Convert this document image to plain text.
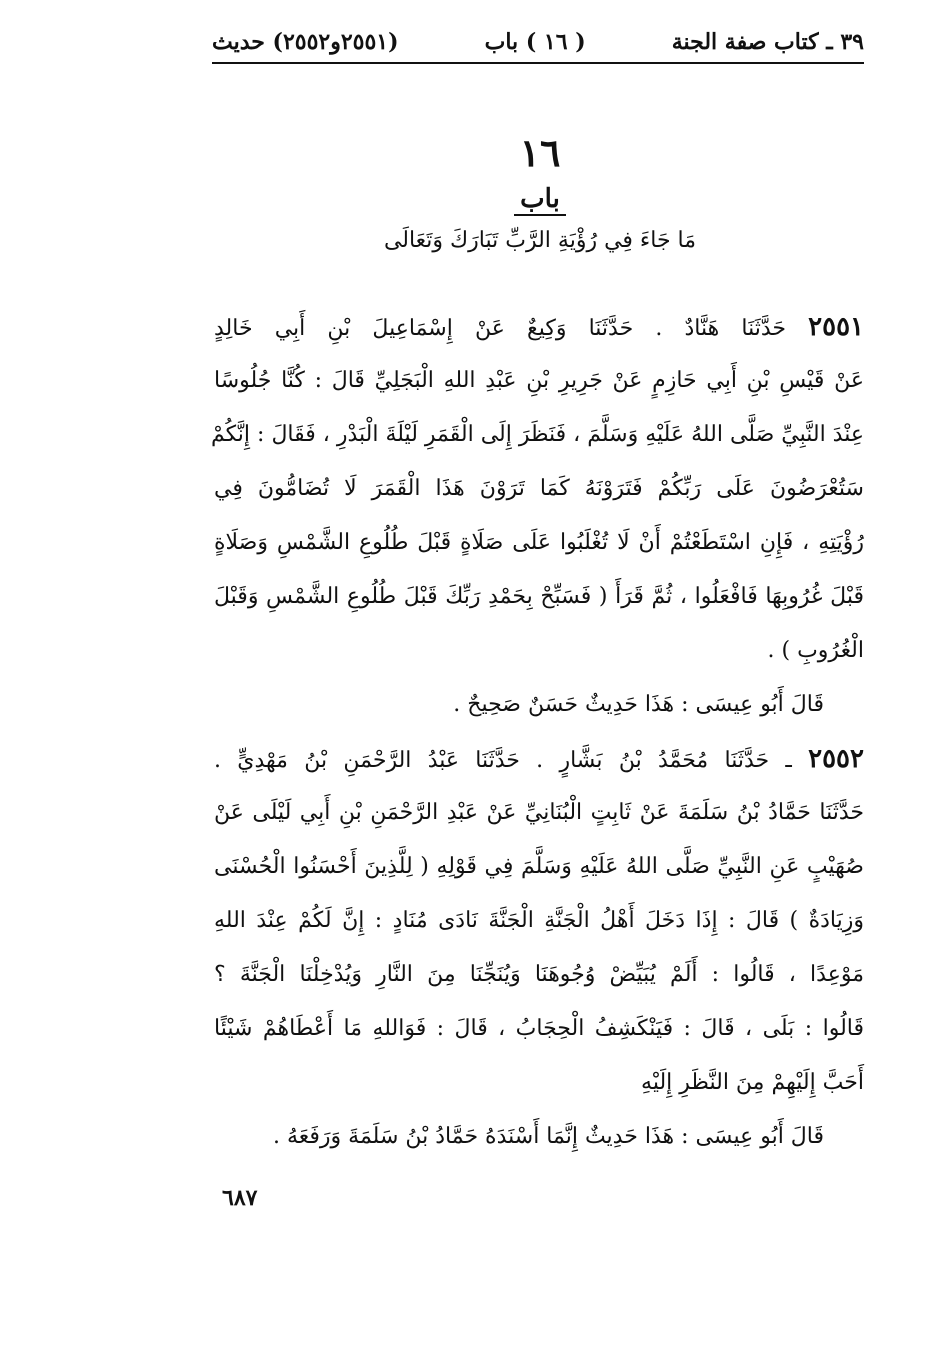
٣٩ ـ كتاب صفة الجنة
( ١٦ ) باب
(٢٥٥١و٢٥٥٢) حديث
١٦
باب
مَا جَاءَ فِي رُؤْيَةِ الرَّبِّ تَبَارَكَ وَتَعَالَى
٢٥٥١ حَدَّثَنَا هَنَّادٌ . حَدَّثَنَا وَكِيعٌ عَنْ إِسْمَاعِيلَ بْنِ أَبِي خَالِدٍ
عَنْ قَيْسِ بْنِ أَبِي حَازِمٍ عَنْ جَرِيرِ بْنِ عَبْدِ اللهِ الْبَجَلِيِّ قَالَ : كُنَّا جُلُوسًا
عِنْدَ النَّبِيِّ صَلَّى اللهُ عَلَيْهِ وَسَلَّمَ ، فَنَظَرَ إِلَى الْقَمَرِ لَيْلَةَ الْبَدْرِ ، فَقَالَ : إِنَّكُمْ
سَتُعْرَضُونَ عَلَى رَبِّكُمْ فَتَرَوْنَهُ كَمَا تَرَوْنَ هَذَا الْقَمَرَ لَا تُضَامُّونَ فِي
رُؤْيَتِهِ ، فَإِنِ اسْتَطَعْتُمْ أَنْ لَا تُغْلَبُوا عَلَى صَلَاةٍ قَبْلَ طُلُوعِ الشَّمْسِ وَصَلَاةٍ
قَبْلَ غُرُوبِهَا فَافْعَلُوا ، ثُمَّ قَرَأَ ( فَسَبِّحْ بِحَمْدِ رَبِّكَ قَبْلَ طُلُوعِ الشَّمْسِ وَقَبْلَ
الْغُرُوبِ ) .
قَالَ أَبُو عِيسَى : هَذَا حَدِيثٌ حَسَنٌ صَحِيحٌ .
٢٥٥٢ ـ حَدَّثَنَا مُحَمَّدُ بْنُ بَشَّارٍ . حَدَّثَنَا عَبْدُ الرَّحْمَنِ بْنُ مَهْدِيٍّ .
حَدَّثَنَا حَمَّادُ بْنُ سَلَمَةَ عَنْ ثَابِتٍ الْبُنَانِيِّ عَنْ عَبْدِ الرَّحْمَنِ بْنِ أَبِي لَيْلَى عَنْ
صُهَيْبٍ عَنِ النَّبِيِّ صَلَّى اللهُ عَلَيْهِ وَسَلَّمَ فِي قَوْلِهِ ( لِلَّذِينَ أَحْسَنُوا الْحُسْنَى
وَزِيَادَةٌ ) قَالَ : إِذَا دَخَلَ أَهْلُ الْجَنَّةِ الْجَنَّةَ نَادَى مُنَادٍ : إِنَّ لَكُمْ عِنْدَ اللهِ
مَوْعِدًا ، قَالُوا : أَلَمْ يُبَيِّضْ وُجُوهَنَا وَيُنَجِّنَا مِنَ النَّارِ وَيُدْخِلْنَا الْجَنَّةَ ؟
قَالُوا : بَلَى ، قَالَ : فَيَنْكَشِفُ الْحِجَابُ ، قَالَ : فَوَاللهِ مَا أَعْطَاهُمْ شَيْئًا
أَحَبَّ إِلَيْهِمْ مِنَ النَّظَرِ إِلَيْهِ
قَالَ أَبُو عِيسَى : هَذَا حَدِيثٌ إِنَّمَا أَسْنَدَهُ حَمَّادُ بْنُ سَلَمَةَ وَرَفَعَهُ .
٦٨٧
